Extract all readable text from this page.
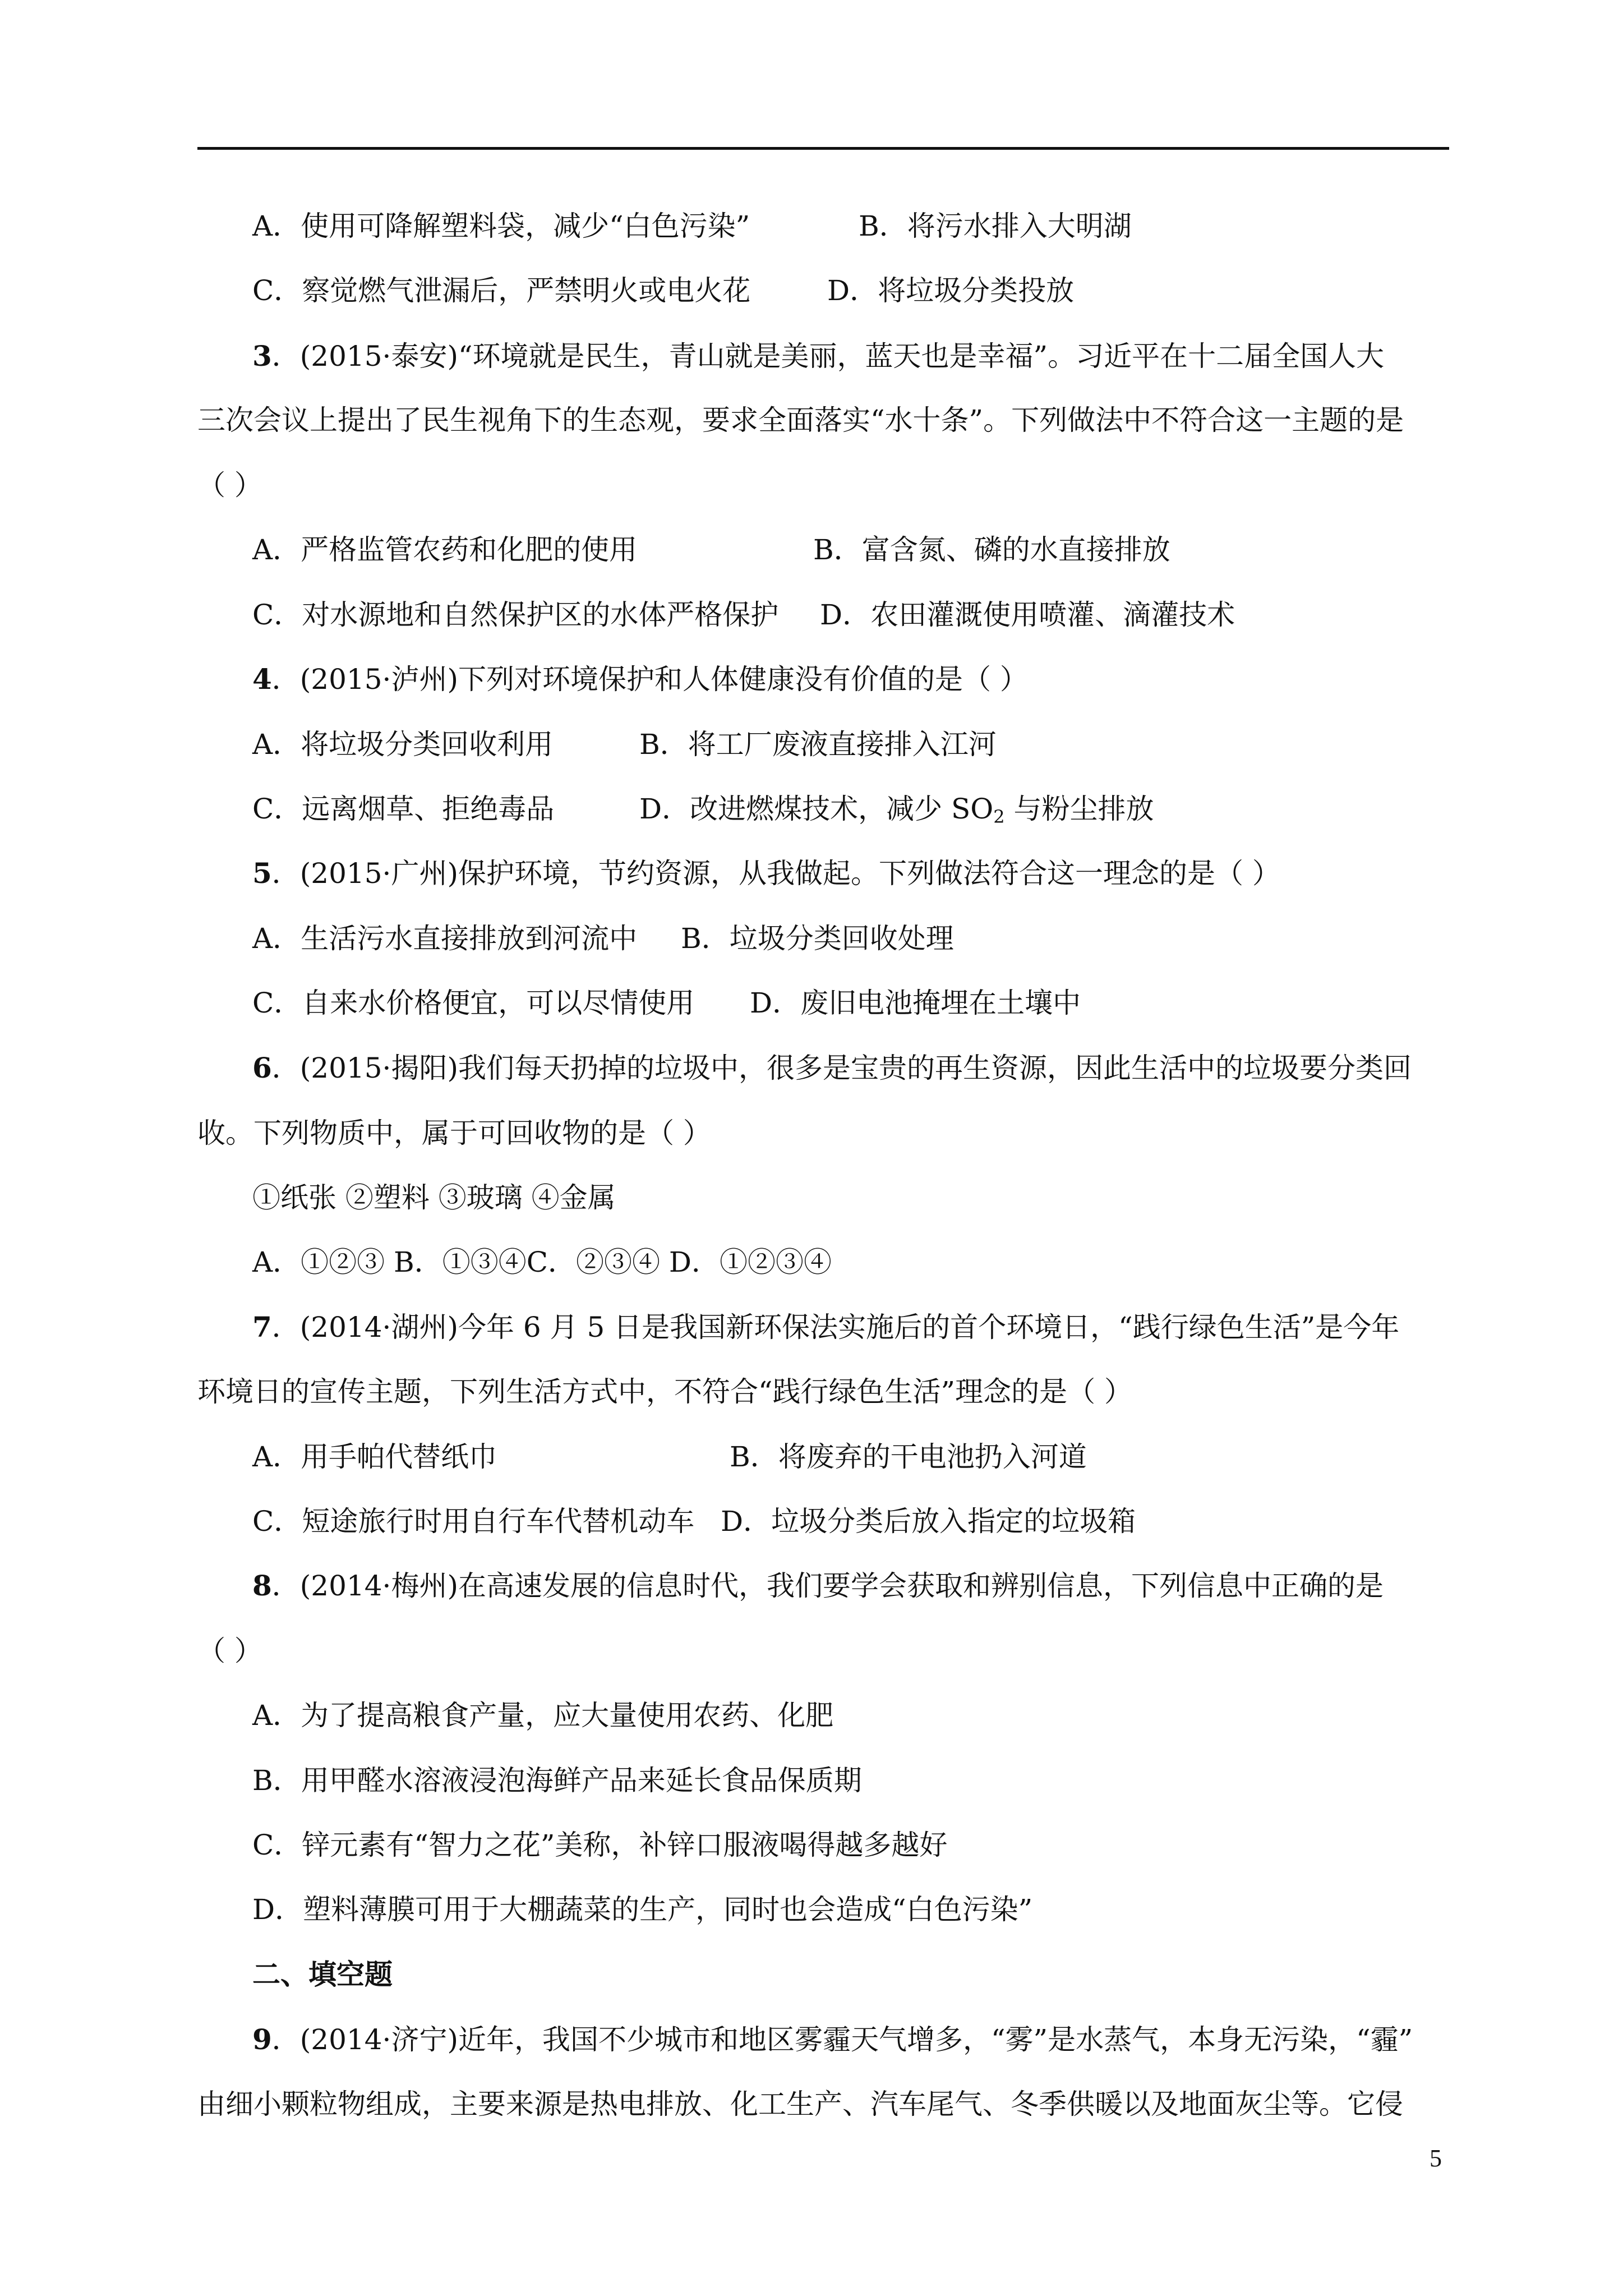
A．使用可降解塑料袋，减少“白色污染”	B．将污水排入大明湖
C．察觉燃气泄漏后，严禁明火或电火花	D．将垃圾分类投放
3．(2015·泰安)“环境就是民生，青山就是美丽，蓝天也是幸福”。习近平在十二届全国人大
三次会议上提出了民生视角下的生态观，要求全面落实“水十条”。下列做法中不符合这一主题的是
（ ）
A．严格监管农药和化肥的使用	B．富含氮、磷的水直接排放
C．对水源地和自然保护区的水体严格保护 D．农田灌溉使用喷灌、滴灌技术
4．(2015·泸州)下列对环境保护和人体健康没有价值的是（ ）
A．将垃圾分类回收利用	B．将工厂废液直接排入江河
C．远离烟草、拒绝毒品	D．改进燃煤技术，减少 $SO_2$ 与粉尘排放
5．(2015·广州)保护环境，节约资源，从我做起。下列做法符合这一理念的是（ ）
A．生活污水直接排放到河流中 B．垃圾分类回收处理
C．自来水价格便宜，可以尽情使用 D．废旧电池掩埋在土壤中
6．(2015·揭阳)我们每天扔掉的垃圾中，很多是宝贵的再生资源，因此生活中的垃圾要分类回
收。下列物质中，属于可回收物的是（ ）
①纸张 ②塑料 ③玻璃 ④金属
A．①②③ B．①③④C．②③④ D．①②③④
7．(2014·湖州)今年 6 月 5 日是我国新环保法实施后的首个环境日，“践行绿色生活”是今年
环境日的宣传主题，下列生活方式中，不符合“践行绿色生活”理念的是（ ）
A．用手帕代替纸巾	B．将废弃的干电池扔入河道
C．短途旅行时用自行车代替机动车 D．垃圾分类后放入指定的垃圾箱
8．(2014·梅州)在高速发展的信息时代，我们要学会获取和辨别信息，下列信息中正确的是
（ ）
A．为了提高粮食产量，应大量使用农药、化肥
B．用甲醛水溶液浸泡海鲜产品来延长食品保质期
C．锌元素有“智力之花”美称，补锌口服液喝得越多越好
D．塑料薄膜可用于大棚蔬菜的生产，同时也会造成“白色污染”
二、填空题
9．(2014·济宁)近年，我国不少城市和地区雾霾天气增多，“雾”是水蒸气，本身无污染，“霾”
由细小颗粒物组成，主要来源是热电排放、化工生产、汽车尾气、冬季供暖以及地面灰尘等。它侵
5
